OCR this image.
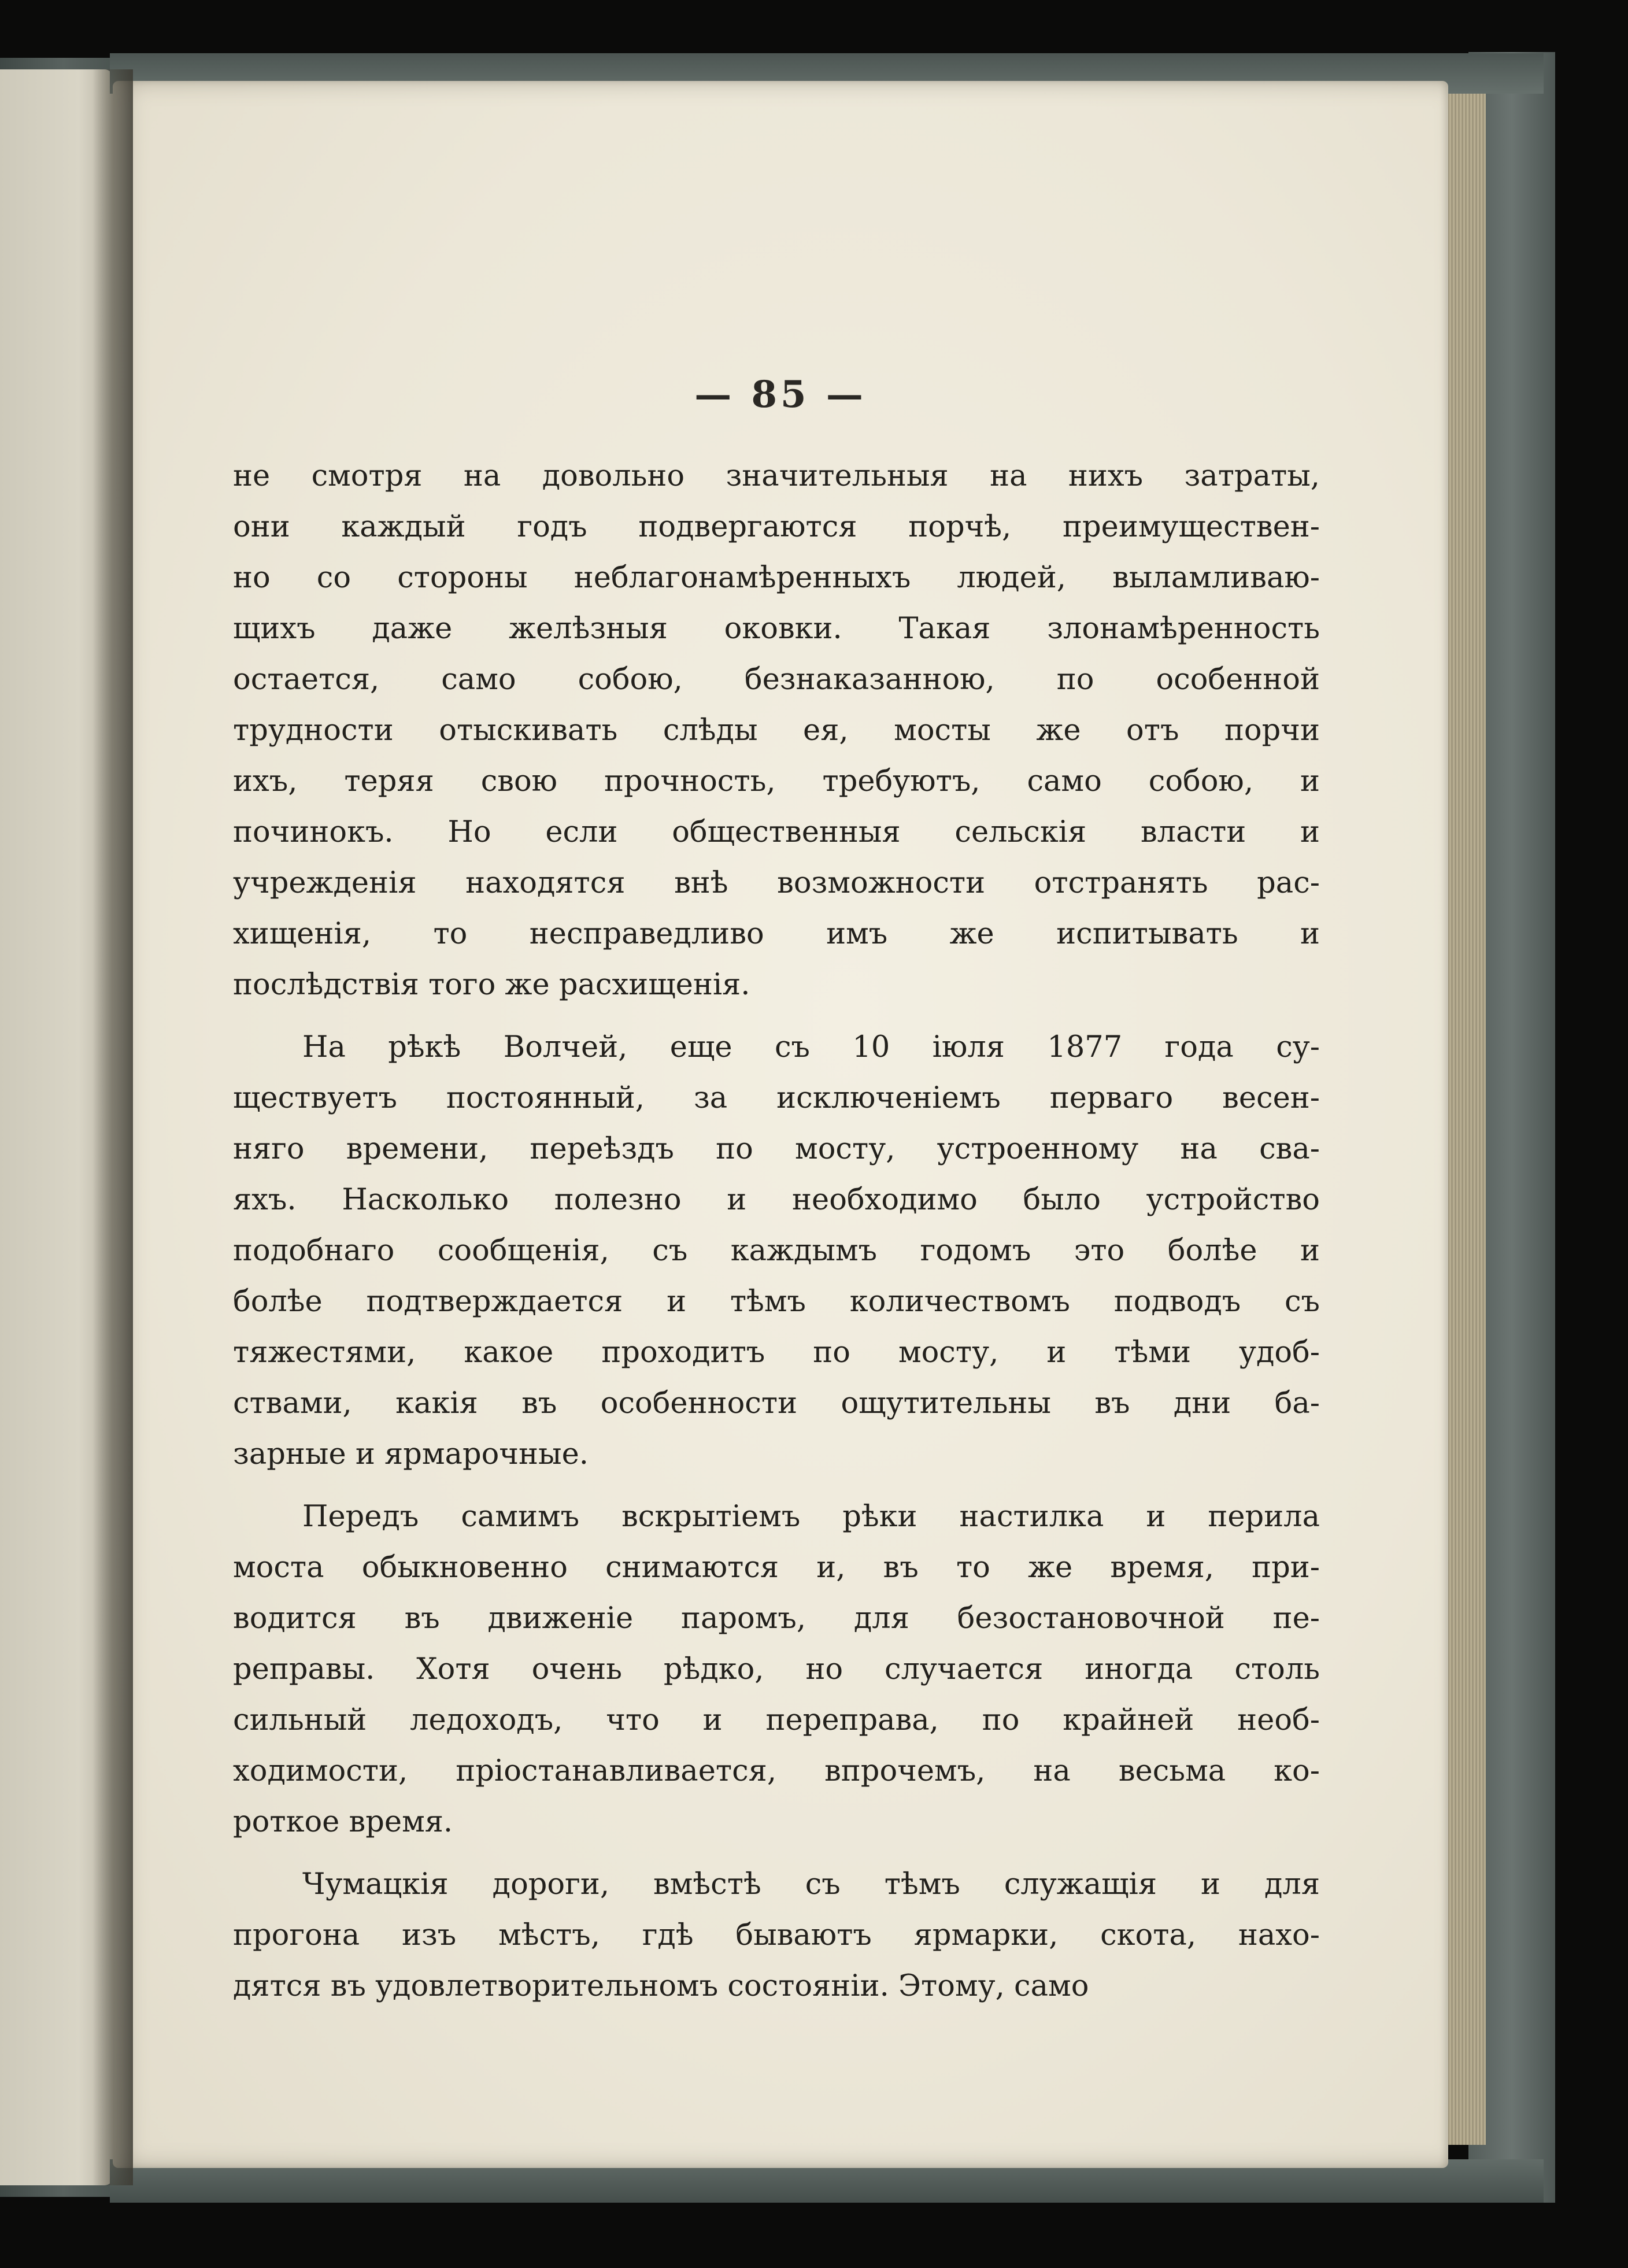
— 85 —

не смотря на довольно значительныя на нихъ затраты,
они каждый годъ подвергаются порчѣ, преимуществен-
но со стороны неблагонамѣренныхъ людей, выламливаю-
щихъ даже желѣзныя оковки. Такая злонамѣренность
остается, само собою, безнаказанною, по особенной
трудности отыскивать слѣды ея, мосты же отъ порчи
ихъ, теряя свою прочность, требуютъ, само собою, и
починокъ. Но если общественныя сельскія власти и
учрежденія находятся внѣ возможности отстранять рас-
хищенія, то несправедливо имъ же испитывать и
послѣдствія того же расхищенія.

На рѣкѣ Волчей, еще съ 10 іюля 1877 года су-
ществуетъ постоянный, за исключеніемъ перваго весен-
няго времени, переѣздъ по мосту, устроенному на сва-
яхъ. Насколько полезно и необходимо было устройство
подобнаго сообщенія, съ каждымъ годомъ это болѣе и
болѣе подтверждается и тѣмъ количествомъ подводъ съ
тяжестями, какое проходитъ по мосту, и тѣми удоб-
ствами, какія въ особенности ощутительны въ дни ба-
зарные и ярмарочные.

Передъ самимъ вскрытіемъ рѣки настилка и перила
моста обыкновенно снимаются и, въ то же время, при-
водится въ движеніе паромъ, для безостановочной пе-
реправы. Хотя очень рѣдко, но случается иногда столь
сильный ледоходъ, что и переправа, по крайней необ-
ходимости, пріостанавливается, впрочемъ, на весьма ко-
роткое время.

Чумацкія дороги, вмѣстѣ съ тѣмъ служащія и для
прогона изъ мѣстъ, гдѣ бываютъ ярмарки, скота, нахо-
дятся въ удовлетворительномъ состояніи. Этому, само
